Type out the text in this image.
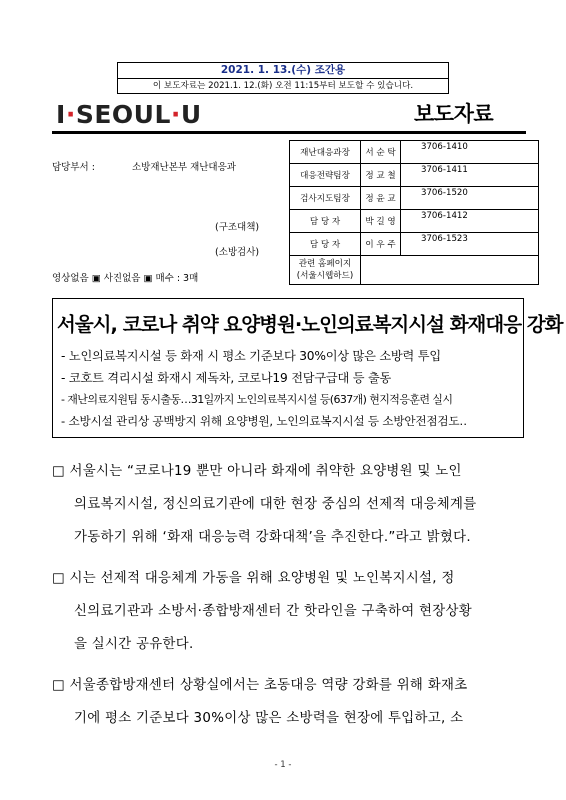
2021. 1. 13.(수) 조간용
이 보도자료는 2021.1. 12.(화) 오전 11:15부터 보도할 수 있습니다.
I·SEOUL·U	보도자료
담당부서 :	소방재난본부 재난대응과
(구조대책)
(소방검사)
영상없음 ▣ 사진없음 ▣ 매수 : 3매
재난대응과장	서 순 탁	3706-1410
대응전략팀장	정 교 철	3706-1411
검사지도팀장	정 윤 교	3706-1520
담 당 자	박 길 영	3706-1412
담 당 자	이 우 주	3706-1523

관련 홈페이지
(서울시웹하드)		

서울시, 코로나 취약 요양병원·노인의료복지시설 화재대응 강화
- 노인의료복지시설 등 화재 시 평소 기준보다 30%이상 많은 소방력 투입
- 코호트 격리시설 화재시 제독차, 코로나19 전담구급대 등 출동
- 재난의료지원팀 동시출동…31일까지 노인의료복지시설 등(637개) 현지적응훈련 실시
- 소방시설 관리상 공백방지 위해 요양병원, 노인의료복지시설 등 소방안전점검도‥
□ 서울시는 “코로나19 뿐만 아니라 화재에 취약한 요양병원 및 노인
의료복지시설, 정신의료기관에 대한 현장 중심의 선제적 대응체계를
가동하기 위해 ‘화재 대응능력 강화대책’을 추진한다.”라고 밝혔다.
□ 시는 선제적 대응체계 가동을 위해 요양병원 및 노인복지시설, 정
신의료기관과 소방서·종합방재센터 간 핫라인을 구축하여 현장상황
을 실시간 공유한다.
□ 서울종합방재센터 상황실에서는 초동대응 역량 강화를 위해 화재초
기에 평소 기준보다 30%이상 많은 소방력을 현장에 투입하고, 소
- 1 -
